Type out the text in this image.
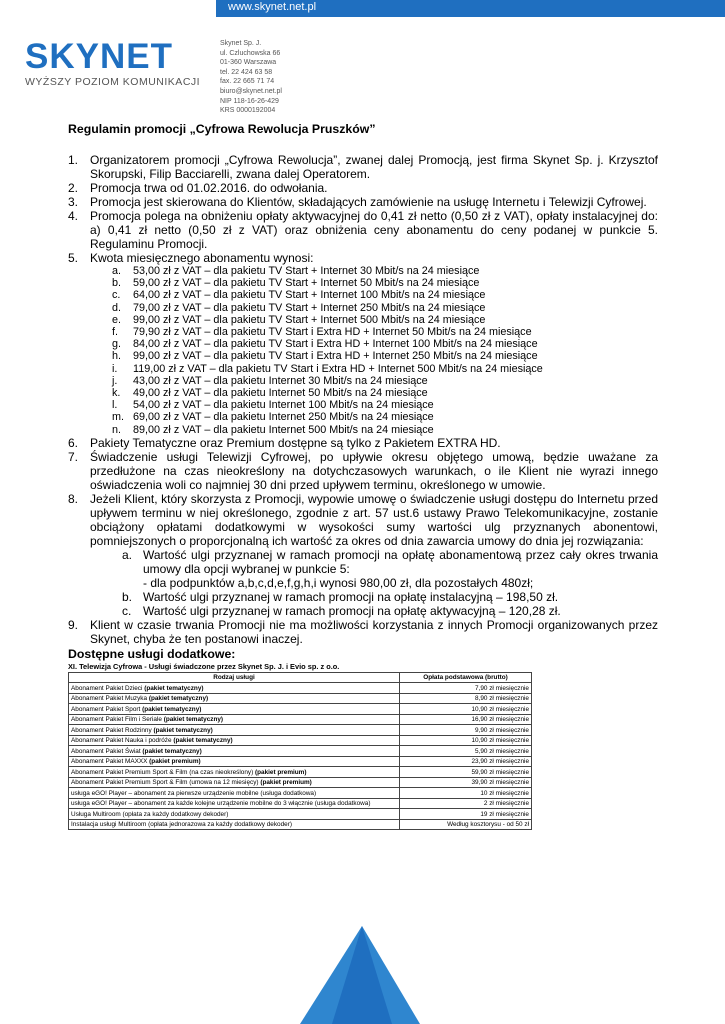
www.skynet.net.pl
SKYNET
WYŻSZY POZIOM KOMUNIKACJI
Skynet Sp. J.
ul. Czluchowska 66
01-360 Warszawa
tel. 22 424 63 58
fax. 22 665 71 74
biuro@skynet.net.pl
NIP 118-16-26-429
KRS 0000192004
Regulamin promocji „Cyfrowa Rewolucja Pruszków”
1. Organizatorem promocji „Cyfrowa Rewolucja”, zwanej dalej Promocją, jest firma Skynet Sp. j. Krzysztof Skorupski, Filip Bacciarelli, zwana dalej Operatorem.
2. Promocja trwa od 01.02.2016. do odwołania.
3. Promocja jest skierowana do Klientów, składających zamówienie na usługę Internetu i Telewizji Cyfrowej.
4. Promocja polega na obniżeniu opłaty aktywacyjnej do 0,41 zł netto (0,50 zł z VAT), opłaty instalacyjnej do: a) 0,41 zł netto (0,50 zł z VAT) oraz obniżenia ceny abonamentu do ceny podanej w punkcie 5. Regulaminu Promocji.
5. Kwota miesięcznego abonamentu wynosi:
a. 53,00 zł z VAT – dla pakietu TV Start + Internet 30 Mbit/s na 24 miesiące
b. 59,00 zł z VAT – dla pakietu TV Start + Internet 50 Mbit/s na 24 miesiące
c. 64,00 zł z VAT – dla pakietu TV Start + Internet 100 Mbit/s na 24 miesiące
d. 79,00 zł z VAT – dla pakietu TV Start + Internet 250 Mbit/s na 24 miesiące
e. 99,00 zł z VAT – dla pakietu TV Start + Internet 500 Mbit/s na 24 miesiące
f. 79,90 zł z VAT – dla pakietu TV Start i Extra HD + Internet 50 Mbit/s na 24 miesiące
g. 84,00 zł z VAT – dla pakietu TV Start i Extra HD + Internet 100 Mbit/s na 24 miesiące
h. 99,00 zł z VAT – dla pakietu TV Start i Extra HD + Internet 250 Mbit/s na 24 miesiące
i. 119,00 zł z VAT – dla pakietu TV Start i Extra HD + Internet 500 Mbit/s na 24 miesiące
j. 43,00 zł z VAT – dla pakietu Internet 30 Mbit/s na 24 miesiące
k. 49,00 zł z VAT – dla pakietu Internet 50 Mbit/s na 24 miesiące
l. 54,00 zł z VAT – dla pakietu Internet 100 Mbit/s na 24 miesiące
m. 69,00 zł z VAT – dla pakietu Internet 250 Mbit/s na 24 miesiące
n. 89,00 zł z VAT – dla pakietu Internet 500 Mbit/s na 24 miesiące
6. Pakiety Tematyczne oraz Premium dostępne są tylko z Pakietem EXTRA HD.
7. Świadczenie usługi Telewizji Cyfrowej, po upływie okresu objętego umową, będzie uważane za przedłużone na czas nieokreślony na dotychczasowych warunkach, o ile Klient nie wyrazi innego oświadczenia woli co najmniej 30 dni przed upływem terminu, określonego w umowie.
8. Jeżeli Klient, który skorzysta z Promocji, wypowie umowę o świadczenie usługi dostępu do Internetu przed upływem terminu w niej określonego, zgodnie z art. 57 ust.6 ustawy Prawo Telekomunikacyjne, zostanie obciążony opłatami dodatkowymi w wysokości sumy wartości ulg przyznanych abonentowi, pomniejszonych o proporcjonalną ich wartość za okres od dnia zawarcia umowy do dnia jej rozwiązania:
a. Wartość ulgi przyznanej w ramach promocji na opłatę abonamentową przez cały okres trwania umowy dla opcji wybranej w punkcie 5:
- dla podpunktów a,b,c,d,e,f,g,h,i wynosi 980,00 zł, dla pozostałych 480zł;
b. Wartość ulgi przyznanej w ramach promocji na opłatę instalacyjną – 198,50 zł.
c. Wartość ulgi przyznanej w ramach promocji na opłatę aktywacyjną – 120,28 zł.
9. Klient w czasie trwania Promocji nie ma możliwości korzystania z innych Promocji organizowanych przez Skynet, chyba że ten postanowi inaczej.
Dostępne usługi dodatkowe:
XI. Telewizja Cyfrowa - Usługi świadczone przez Skynet Sp. J. i Evio sp. z o.o.
Rodzaj usługi	Opłata podstawowa (brutto)
Abonament Pakiet Dzieci (pakiet tematyczny)	7,90 zł miesięcznie
Abonament Pakiet Muzyka (pakiet tematyczny)	8,90 zł miesięcznie
Abonament Pakiet Sport (pakiet tematyczny)	10,90 zł miesięcznie
Abonament Pakiet Film i Seriale (pakiet tematyczny)	16,90 zł miesięcznie
Abonament Pakiet Rodzinny (pakiet tematyczny)	9,90 zł miesięcznie
Abonament Pakiet Nauka i podróże (pakiet tematyczny)	10,90 zł miesięcznie
Abonament Pakiet Świat (pakiet tematyczny)	5,90 zł miesięcznie
Abonament Pakiet MAXXX (pakiet premium)	23,90 zł miesięcznie
Abonament Pakiet Premium Sport & Film (na czas nieokreślony) (pakiet premium)	59,90 zł miesięcznie
Abonament Pakiet Premium Sport & Film (umowa na 12 miesięcy) (pakiet premium)	39,90 zł miesięcznie
usługa eGO! Player – abonament za pierwsze urządzenie mobilne (usługa dodatkowa)	10 zł miesięcznie
usługa eGO! Player – abonament za każde kolejne urządzenie mobilne do 3 włącznie (usługa dodatkowa)	2 zł miesięcznie
Usługa Multiroom (opłata za każdy dodatkowy dekoder)	19 zł miesięcznie
Instalacja usługi Multiroom (opłata jednorazowa za każdy dodatkowy dekoder)	Według kosztorysu - od 50 zł
